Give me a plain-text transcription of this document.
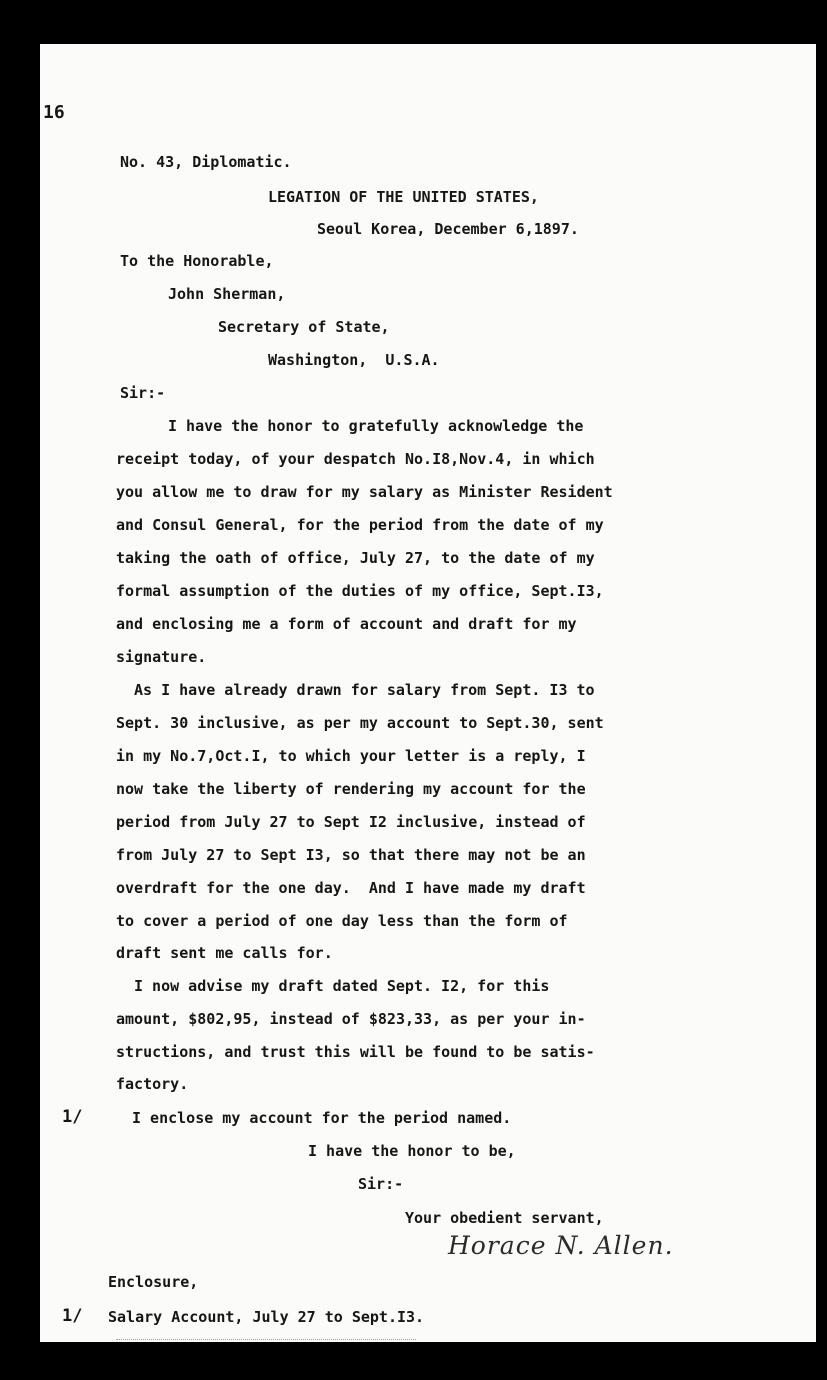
16
No. 43, Diplomatic.
LEGATION OF THE UNITED STATES,
Seoul Korea, December 6,1897.
To the Honorable,
John Sherman,
Secretary of State,
Washington,  U.S.A.
Sir:-
I have the honor to gratefully acknowledge the
receipt today, of your despatch No.I8,Nov.4, in which
you allow me to draw for my salary as Minister Resident
and Consul General, for the period from the date of my
taking the oath of office, July 27, to the date of my
formal assumption of the duties of my office, Sept.I3,
and enclosing me a form of account and draft for my
signature.
As I have already drawn for salary from Sept. I3 to
Sept. 30 inclusive, as per my account to Sept.30, sent
in my No.7,Oct.I, to which your letter is a reply, I
now take the liberty of rendering my account for the
period from July 27 to Sept I2 inclusive, instead of
from July 27 to Sept I3, so that there may not be an
overdraft for the one day.  And I have made my draft
to cover a period of one day less than the form of
draft sent me calls for.
I now advise my draft dated Sept. I2, for this
amount, $802,95, instead of $823,33, as per your in-
structions, and trust this will be found to be satis-
factory.
1/	I enclose my account for the period named.
I have the honor to be,
Sir:-
Your obedient servant,
Horace N. Allen.
Enclosure,
1/ Salary Account, July 27 to Sept.I3.
